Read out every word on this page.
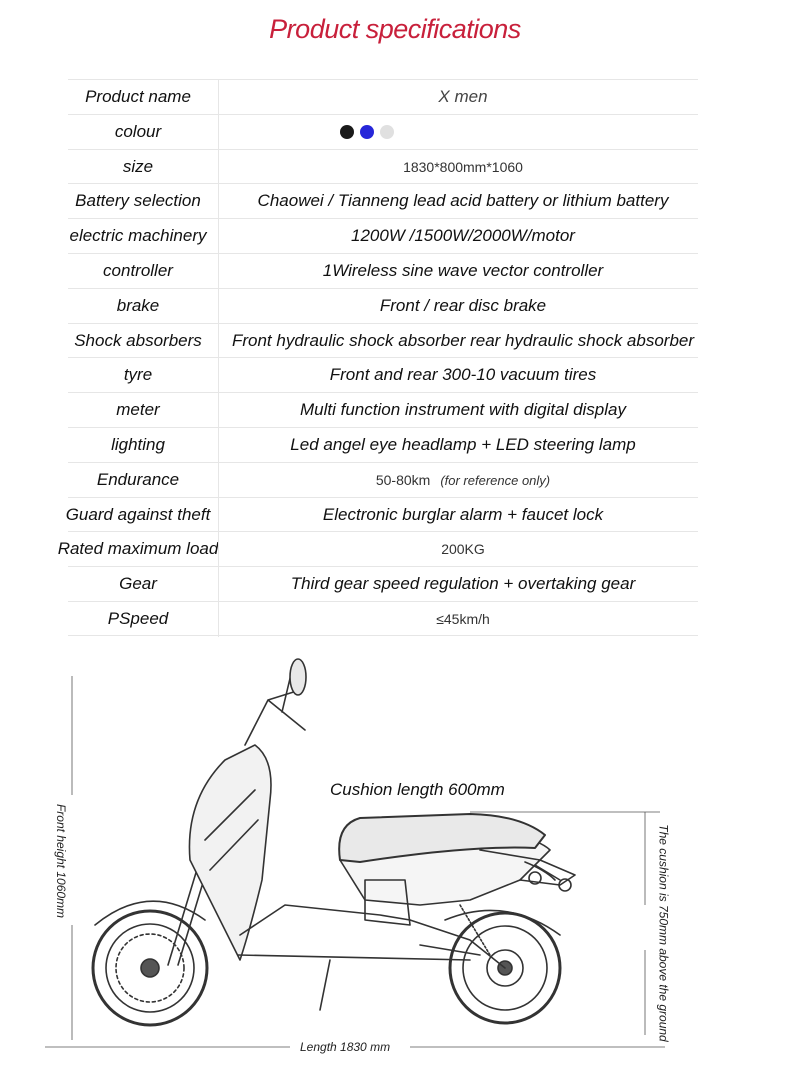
Product specifications
Product name	X men
colour
size	1830*800mm*1060
Battery selection	Chaowei / Tianneng lead acid battery or lithium battery
electric machinery	1200W /1500W/2000W/motor
controller	1Wireless sine wave vector controller
brake	Front / rear disc brake
Shock absorbers	Front hydraulic shock absorber rear hydraulic shock absorber
tyre	Front and rear 300-10 vacuum tires
meter	Multi function instrument with digital display
lighting	Led angel eye headlamp + LED steering lamp
Endurance	50-80km (for reference only)
Guard against theft	Electronic burglar alarm + faucet lock
Rated maximum load	200KG
Gear	Third gear speed regulation + overtaking gear
PSpeed	≤45km/h
Cushion length 600mm
Front height 1060mm	The cushion is 750mm above the ground
Length 1830 mm
